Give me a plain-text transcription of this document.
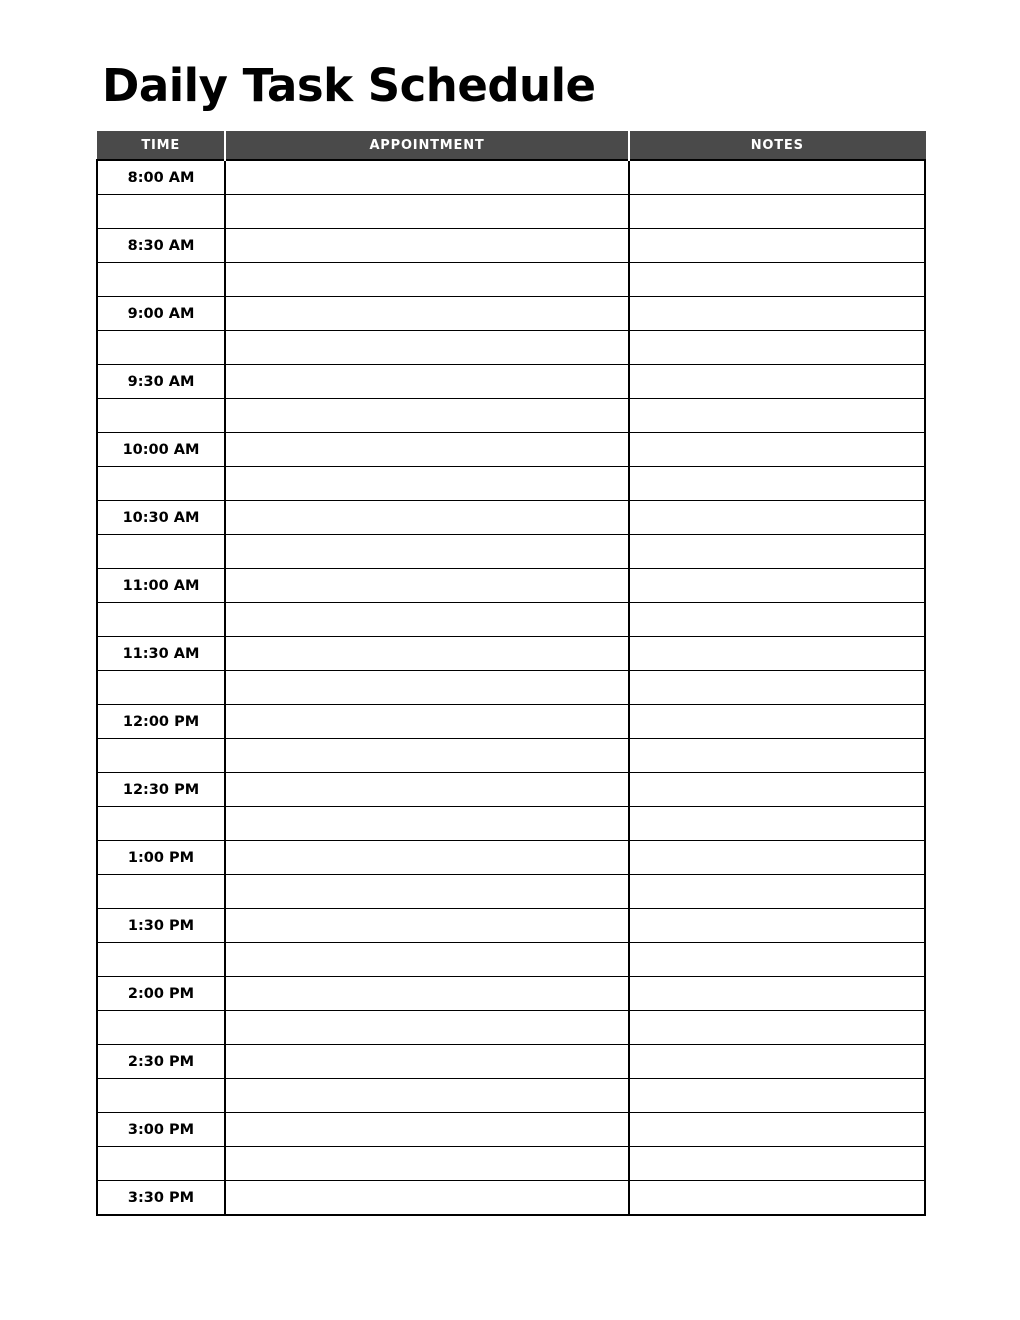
Daily Task Schedule
TIME	APPOINTMENT	NOTES
8:00 AM		

8:30 AM		

9:00 AM		

9:30 AM		

10:00 AM		

10:30 AM		

11:00 AM		

11:30 AM		

12:00 PM		

12:30 PM		

1:00 PM		

1:30 PM		

2:00 PM		

2:30 PM		

3:00 PM		

3:30 PM		
